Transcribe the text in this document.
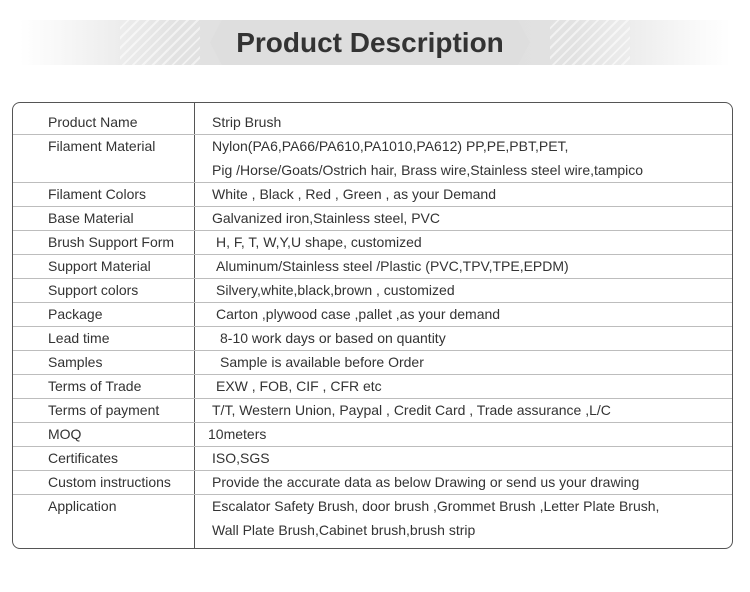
Product Description
Product Name	Strip Brush
Filament Material	Nylon(PA6,PA66/PA610,PA1010,PA612) PP,PE,PBT,PET,
Pig /Horse/Goats/Ostrich hair, Brass wire,Stainless steel wire,tampico
Filament Colors	White , Black , Red , Green , as your Demand
Base Material	Galvanized iron,Stainless steel, PVC
Brush Support Form	H, F, T, W,Y,U shape, customized
Support Material	Aluminum/Stainless steel /Plastic (PVC,TPV,TPE,EPDM)
Support colors	Silvery,white,black,brown , customized
Package	Carton ,plywood case ,pallet ,as your demand
Lead time	8-10 work days or based on quantity
Samples	Sample is available before Order
Terms of Trade	EXW , FOB, CIF , CFR etc
Terms of payment	T/T, Western Union, Paypal , Credit Card , Trade assurance ,L/C
MOQ	10meters
Certificates	ISO,SGS
Custom instructions	Provide the accurate data as below Drawing or send us your drawing
Application	Escalator Safety Brush, door brush ,Grommet Brush ,Letter Plate Brush,
Wall Plate Brush,Cabinet brush,brush strip
